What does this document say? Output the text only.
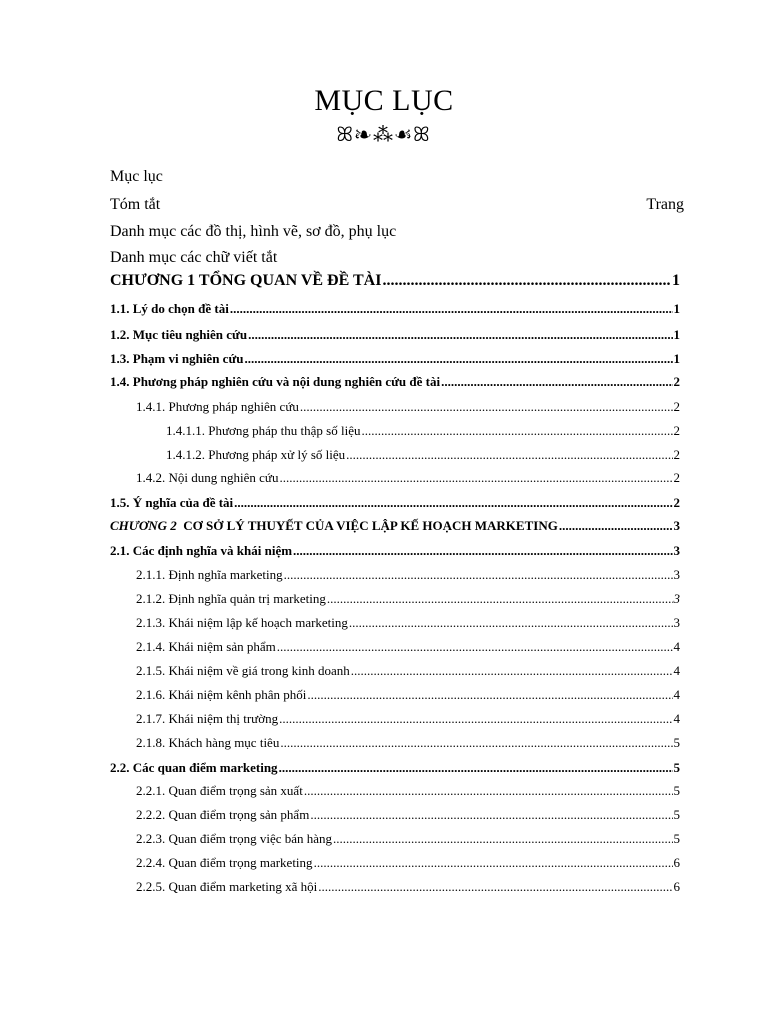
MỤC LỤC
ꕤ❧⁂☙ꕤ
Mục lục
Tóm tắt	Trang
Danh mục các đồ thị, hình vẽ, sơ đồ, phụ lục
Danh mục các chữ viết tắt
CHƯƠNG 1 TỔNG QUAN VỀ ĐỀ TÀI .....	1
1.1. Lý do chọn đề tài .....	1
1.2. Mục tiêu nghiên cứu .....	1
1.3. Phạm vi nghiên cứu .....	1
1.4. Phương pháp nghiên cứu và nội dung nghiên cứu đề tài .....	2
1.4.1. Phương pháp nghiên cứu .....	2
1.4.1.1. Phương pháp thu thập số liệu .....	2
1.4.1.2. Phương pháp xử lý số liệu .....	2
1.4.2. Nội dung nghiên cứu .....	2
1.5. Ý nghĩa của đề tài .....	2
CHƯƠNG 2 CƠ SỞ LÝ THUYẾT CỦA VIỆC LẬP KẾ HOẠCH MARKETING .....	3
2.1. Các định nghĩa và khái niệm .....	3
2.1.1. Định nghĩa marketing .....	3
2.1.2. Định nghĩa quản trị marketing .....	3
2.1.3. Khái niệm lập kế hoạch marketing .....	3
2.1.4. Khái niệm sản phẩm .....	4
2.1.5. Khái niệm về giá trong kinh doanh .....	4
2.1.6. Khái niệm kênh phân phối .....	4
2.1.7. Khái niệm thị trường .....	4
2.1.8. Khách hàng mục tiêu .....	5
2.2. Các quan điểm marketing .....	5
2.2.1. Quan điểm trọng sản xuất .....	5
2.2.2. Quan điểm trọng sản phẩm .....	5
2.2.3. Quan điểm trọng việc bán hàng .....	5
2.2.4. Quan điểm trọng marketing .....	6
2.2.5. Quan điểm marketing xã hội .....	6
